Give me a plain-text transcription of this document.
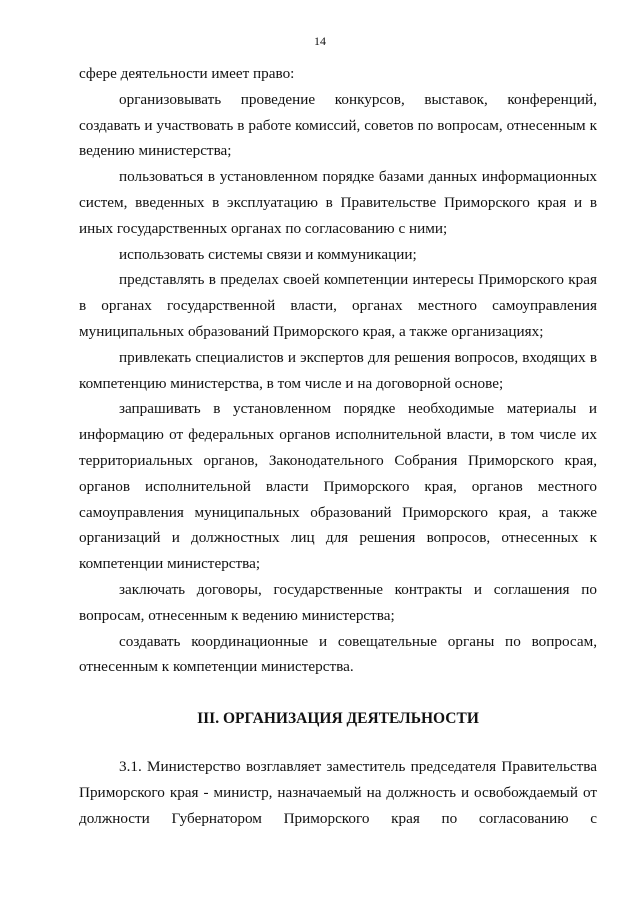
14

сфере деятельности имеет право:

организовывать проведение конкурсов, выставок, конференций, создавать и участвовать в работе комиссий, советов по вопросам, отнесенным к ведению министерства;

пользоваться в установленном порядке базами данных информационных систем, введенных в эксплуатацию в Правительстве Приморского края и в иных государственных органах по согласованию с ними;

использовать системы связи и коммуникации;

представлять в пределах своей компетенции интересы Приморского края в органах государственной власти, органах местного самоуправления муниципальных образований Приморского края, а также организациях;

привлекать специалистов и экспертов для решения вопросов, входящих в компетенцию министерства, в том числе и на договорной основе;

запрашивать в установленном порядке необходимые материалы и информацию от федеральных органов исполнительной власти, в том числе их территориальных органов, Законодательного Собрания Приморского края, органов исполнительной власти Приморского края, органов местного самоуправления муниципальных образований Приморского края, а также организаций и должностных лиц для решения вопросов, отнесенных к компетенции министерства;

заключать договоры, государственные контракты и соглашения по вопросам, отнесенным к ведению министерства;

создавать координационные и совещательные органы по вопросам, отнесенным к компетенции министерства.

III. ОРГАНИЗАЦИЯ ДЕЯТЕЛЬНОСТИ

3.1. Министерство возглавляет заместитель председателя Правительства Приморского края - министр, назначаемый на должность и освобождаемый от должности Губернатором Приморского края по согласованию с
